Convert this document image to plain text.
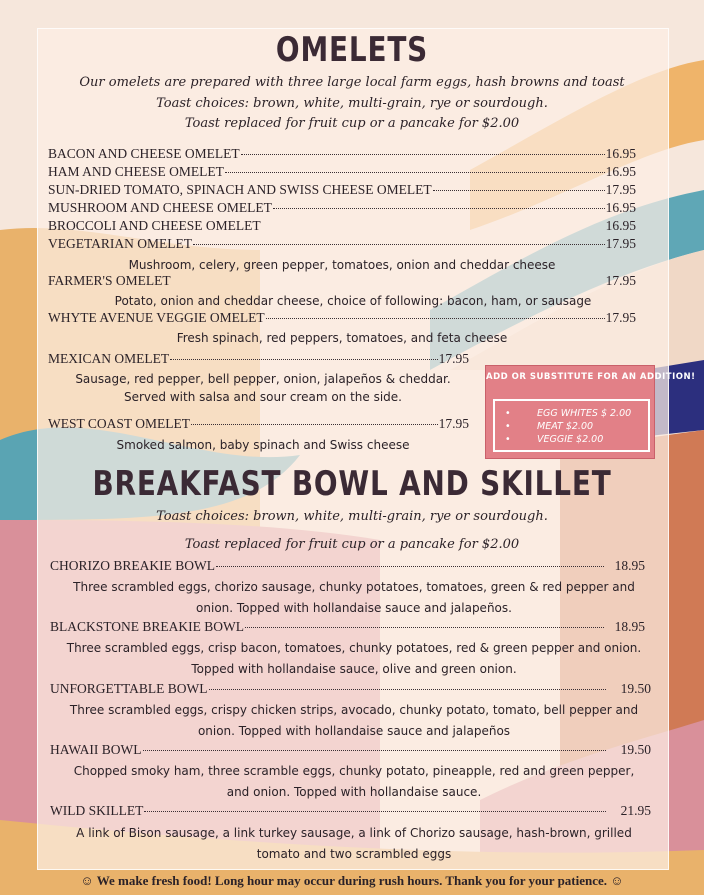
OMELETS
Our omelets are prepared with three large local farm eggs, hash browns and toast
Toast choices: brown, white, multi-grain, rye or sourdough.
Toast replaced for fruit cup or a pancake for $2.00
BACON AND CHEESE OMELET	16.95
HAM AND CHEESE OMELET	16.95
SUN-DRIED TOMATO, SPINACH AND SWISS CHEESE OMELET	17.95
MUSHROOM AND CHEESE OMELET	16.95
BROCCOLI AND CHEESE OMELET	16.95
VEGETARIAN OMELET	17.95
Mushroom, celery, green pepper, tomatoes, onion and cheddar cheese
FARMER'S OMELET	17.95
Potato, onion and cheddar cheese, choice of following: bacon, ham, or sausage
WHYTE AVENUE VEGGIE OMELET	17.95
Fresh spinach, red peppers, tomatoes, and feta cheese
MEXICAN OMELET	17.95
Sausage, red pepper, bell pepper, onion, jalapeños & cheddar.
Served with salsa and sour cream on the side.
WEST COAST OMELET	17.95
Smoked salmon, baby spinach and Swiss cheese
ADD OR SUBSTITUTE FOR AN ADDITION!
• EGG WHITES $ 2.00
• MEAT $2.00
• VEGGIE $2.00
BREAKFAST BOWL AND SKILLET
Toast choices: brown, white, multi-grain, rye or sourdough.
Toast replaced for fruit cup or a pancake for $2.00
CHORIZO BREAKIE BOWL	18.95
Three scrambled eggs, chorizo sausage, chunky potatoes, tomatoes, green & red pepper and
onion. Topped with hollandaise sauce and jalapeños.
BLACKSTONE BREAKIE BOWL	18.95
Three scrambled eggs, crisp bacon, tomatoes, chunky potatoes, red & green pepper and onion.
Topped with hollandaise sauce, olive and green onion.
UNFORGETTABLE BOWL	19.50
Three scrambled eggs, crispy chicken strips, avocado, chunky potato, tomato, bell pepper and
onion. Topped with hollandaise sauce and jalapeños
HAWAII BOWL	19.50
Chopped smoky ham, three scramble eggs, chunky potato, pineapple, red and green pepper,
and onion. Topped with hollandaise sauce.
WILD SKILLET	21.95
A link of Bison sausage, a link turkey sausage, a link of Chorizo sausage, hash-brown, grilled
tomato and two scrambled eggs
☺ We make fresh food! Long hour may occur during rush hours. Thank you for your patience. ☺
